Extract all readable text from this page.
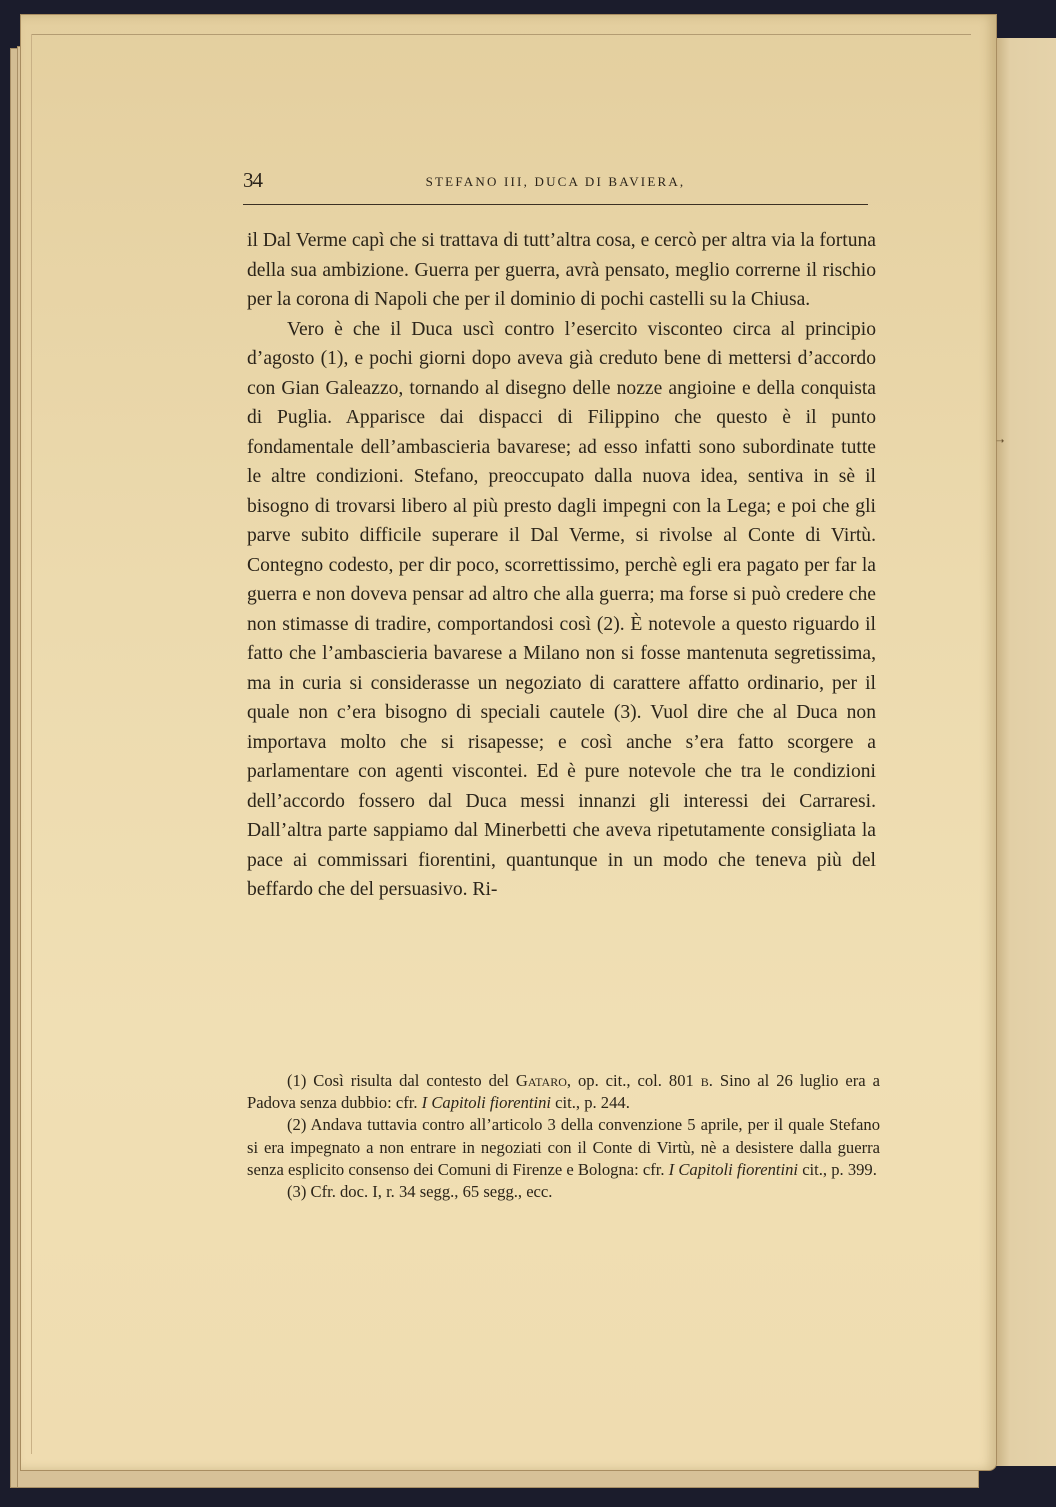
➝
34	STEFANO III, DUCA DI BAVIERA,

il Dal Verme capì che si trattava di tutt’altra cosa, e cercò per altra via la fortuna della sua ambizione. Guerra per guerra, avrà pensato, meglio correrne il rischio per la corona di Napoli che per il dominio di pochi castelli su la Chiusa.

Vero è che il Duca uscì contro l’esercito visconteo circa al principio d’agosto (1), e pochi giorni dopo aveva già creduto bene di mettersi d’accordo con Gian Galeazzo, tornando al disegno delle nozze angioine e della conquista di Puglia. Apparisce dai dispacci di Filippino che questo è il punto fondamentale dell’ambascieria bavarese; ad esso infatti sono subordinate tutte le altre condizioni. Stefano, preoccupato dalla nuova idea, sentiva in sè il bisogno di trovarsi libero al più presto dagli impegni con la Lega; e poi che gli parve subito difficile superare il Dal Verme, si rivolse al Conte di Virtù. Contegno codesto, per dir poco, scorrettissimo, perchè egli era pagato per far la guerra e non doveva pensar ad altro che alla guerra; ma forse si può credere che non stimasse di tradire, comportandosi così (2). È notevole a questo riguardo il fatto che l’ambascieria bavarese a Milano non si fosse mantenuta segretissima, ma in curia si considerasse un negoziato di carattere affatto ordinario, per il quale non c’era bisogno di speciali cautele (3). Vuol dire che al Duca non importava molto che si risapesse; e così anche s’era fatto scorgere a parlamentare con agenti viscontei. Ed è pure notevole che tra le condizioni dell’accordo fossero dal Duca messi innanzi gli interessi dei Carraresi. Dall’altra parte sappiamo dal Minerbetti che aveva ripetutamente consigliata la pace ai commissari fiorentini, quantunque in un modo che teneva più del beffardo che del persuasivo. Ri-

(1) Così risulta dal contesto del Gataro, op. cit., col. 801 b. Sino al 26 luglio era a Padova senza dubbio: cfr. I Capitoli fiorentini cit., p. 244.

(2) Andava tuttavia contro all’articolo 3 della convenzione 5 aprile, per il quale Stefano si era impegnato a non entrare in negoziati con il Conte di Virtù, nè a desistere dalla guerra senza esplicito consenso dei Comuni di Firenze e Bologna: cfr. I Capitoli fiorentini cit., p. 399.

(3) Cfr. doc. I, r. 34 segg., 65 segg., ecc.
